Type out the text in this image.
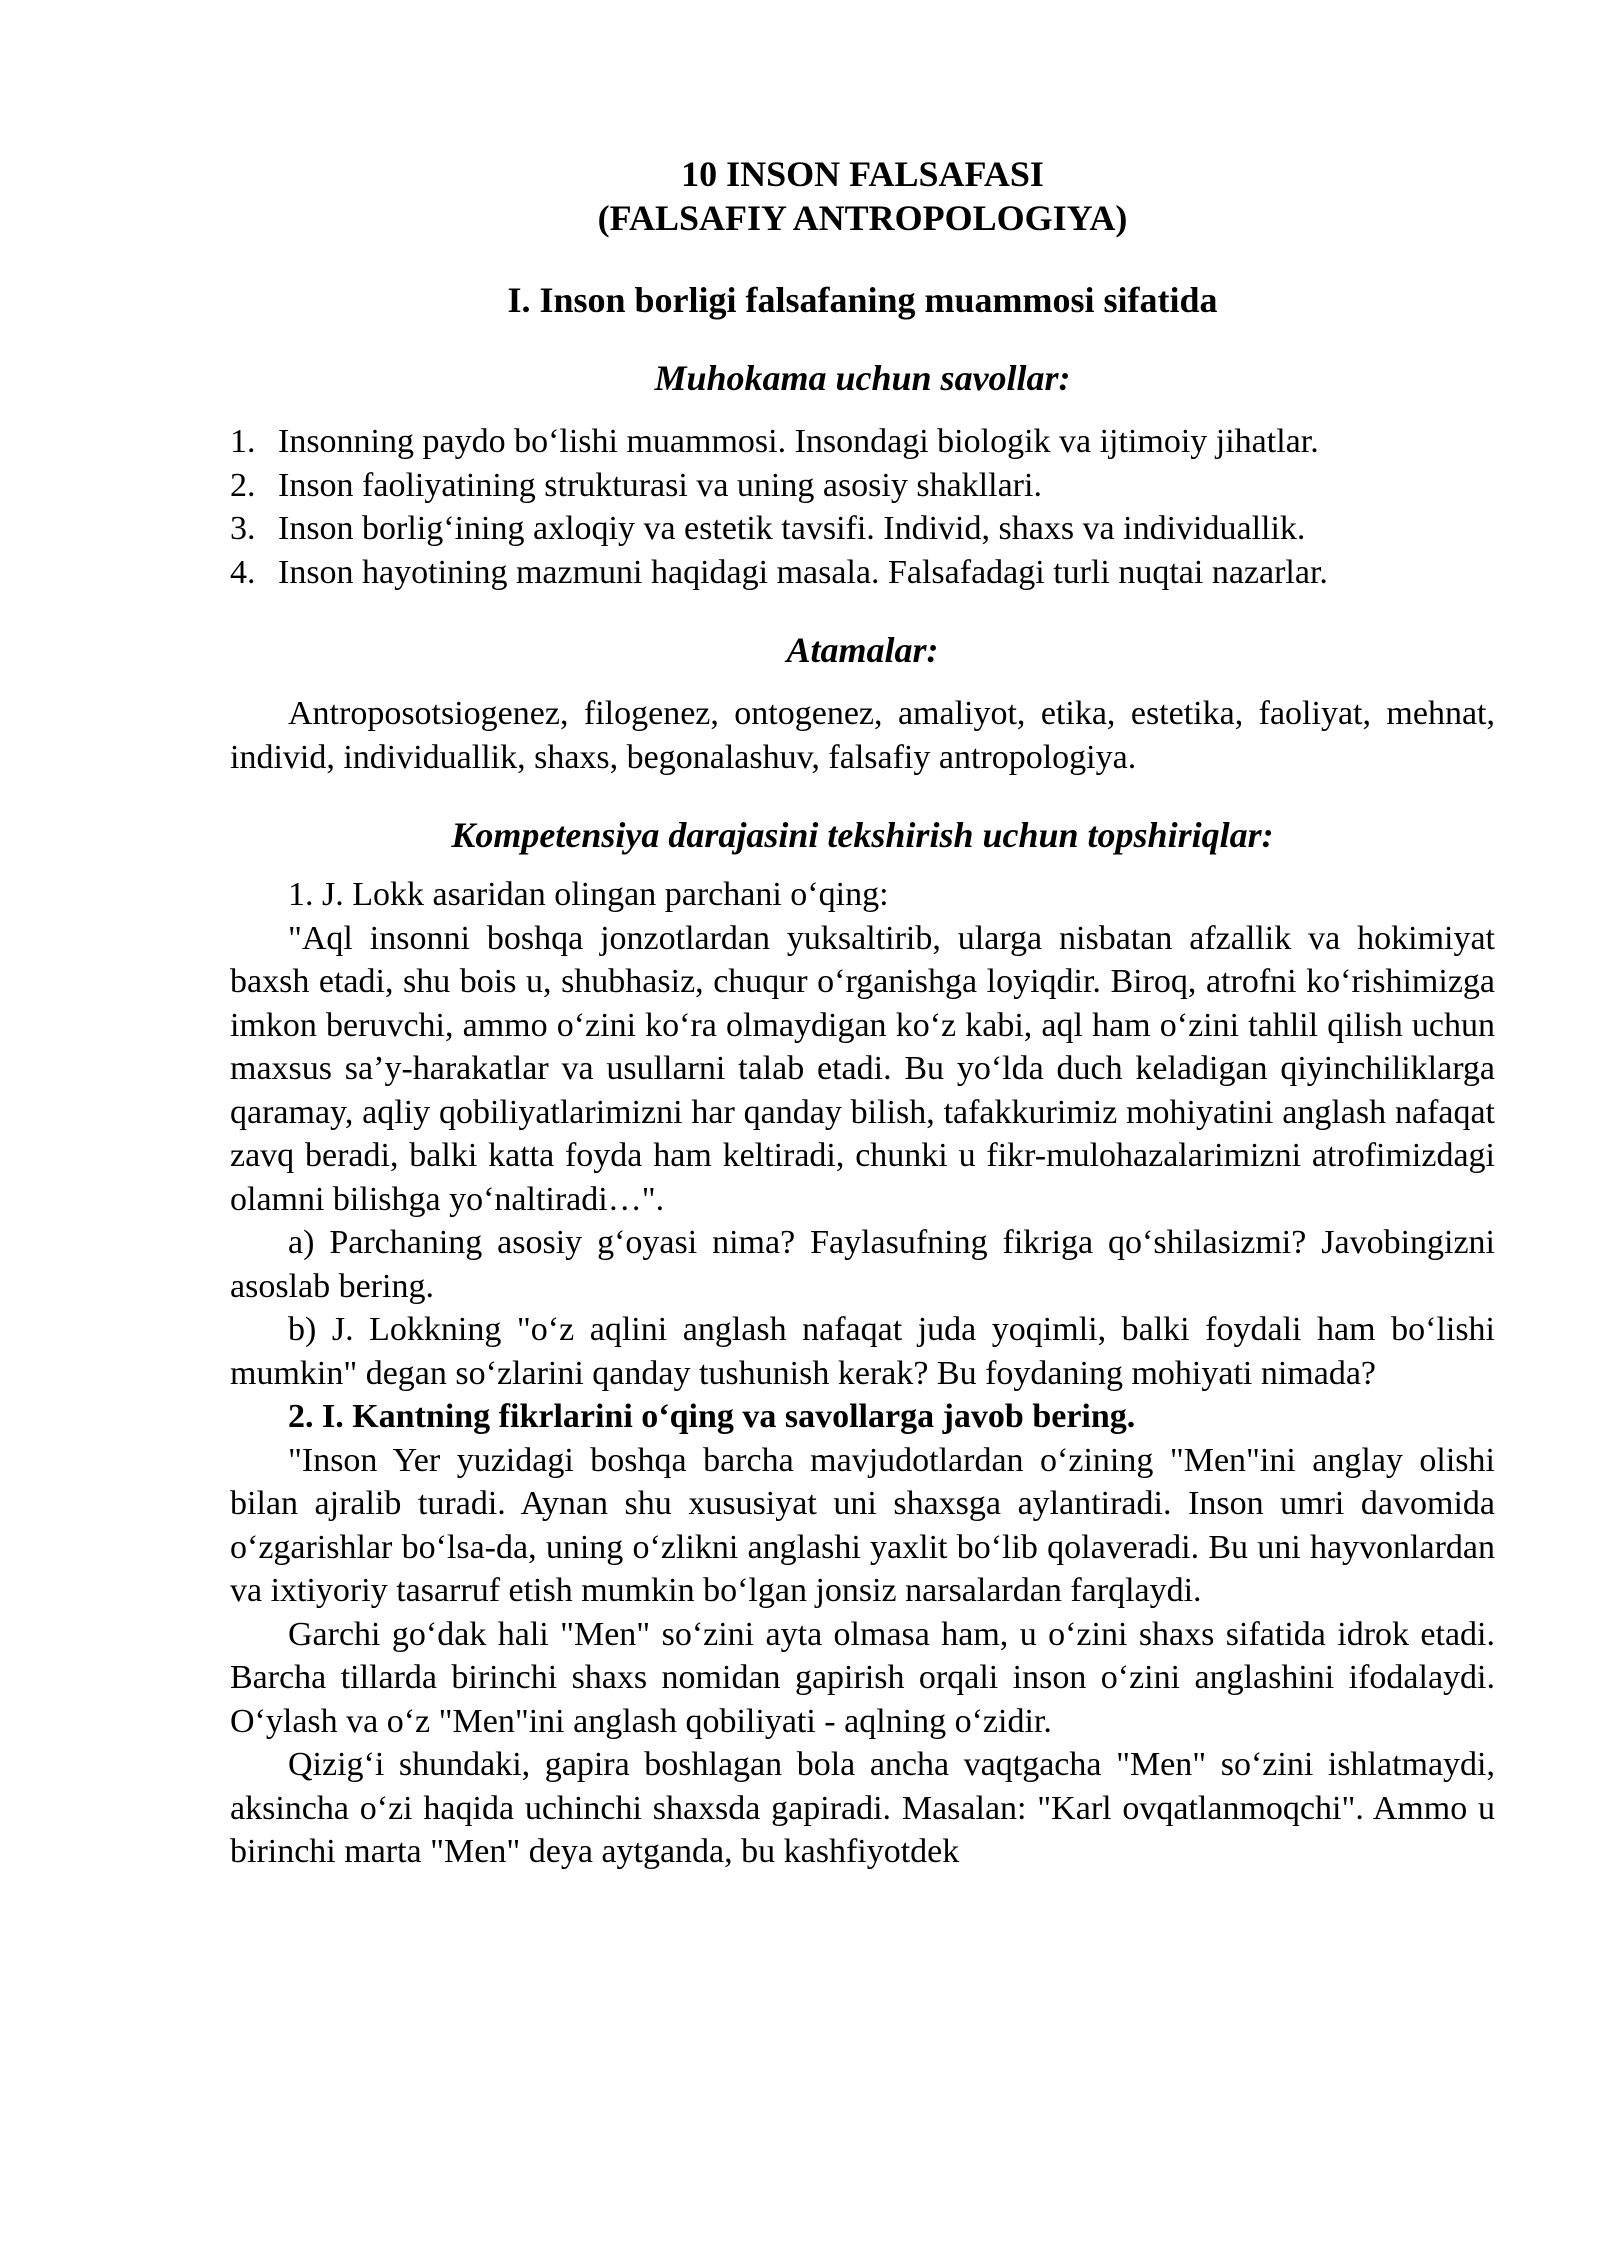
10 INSON FALSAFASI
(FALSAFIY ANTROPOLOGIYA)
I. Inson borligi falsafaning muammosi sifatida
Muhokama uchun savollar:
1. Insonning paydo bo‘lishi muammosi. Insondagi biologik va ijtimoiy jihatlar.
2. Inson faoliyatining strukturasi va uning asosiy shakllari.
3. Inson borlig‘ining axloqiy va estetik tavsifi. Individ, shaxs va individuallik.
4. Inson hayotining mazmuni haqidagi masala. Falsafadagi turli nuqtai nazarlar.
Atamalar:

Antroposotsiogenez, filogenez, ontogenez, amaliyot, etika, estetika, faoliyat, mehnat, individ, individuallik, shaxs, begonalashuv, falsafiy antropologiya.

Kompetensiya darajasini tekshirish uchun topshiriqlar:

1. J. Lokk asaridan olingan parchani o‘qing:

"Aql insonni boshqa jonzotlardan yuksaltirib, ularga nisbatan afzallik va hokimiyat baxsh etadi, shu bois u, shubhasiz, chuqur o‘rganishga loyiqdir. Biroq, atrofni ko‘rishimizga imkon beruvchi, ammo o‘zini ko‘ra olmaydigan ko‘z kabi, aql ham o‘zini tahlil qilish uchun maxsus sa’y-harakatlar va usullarni talab etadi. Bu yo‘lda duch keladigan qiyinchiliklarga qaramay, aqliy qobiliyatlarimizni har qanday bilish, tafakkurimiz mohiyatini anglash nafaqat zavq beradi, balki katta foyda ham keltiradi, chunki u fikr-mulohazalarimizni atrofimizdagi olamni bilishga yo‘naltiradi…".

a) Parchaning asosiy g‘oyasi nima? Faylasufning fikriga qo‘shilasizmi? Javobingizni asoslab bering.

b) J. Lokkning "o‘z aqlini anglash nafaqat juda yoqimli, balki foydali ham bo‘lishi mumkin" degan so‘zlarini qanday tushunish kerak? Bu foydaning mohiyati nimada?

2. I. Kantning fikrlarini o‘qing va savollarga javob bering.

"Inson Yer yuzidagi boshqa barcha mavjudotlardan o‘zining "Men"ini anglay olishi bilan ajralib turadi. Aynan shu xususiyat uni shaxsga aylantiradi. Inson umri davomida o‘zgarishlar bo‘lsa-da, uning o‘zlikni anglashi yaxlit bo‘lib qolaveradi. Bu uni hayvonlardan va ixtiyoriy tasarruf etish mumkin bo‘lgan jonsiz narsalardan farqlaydi.

Garchi go‘dak hali "Men" so‘zini ayta olmasa ham, u o‘zini shaxs sifatida idrok etadi. Barcha tillarda birinchi shaxs nomidan gapirish orqali inson o‘zini anglashini ifodalaydi. O‘ylash va o‘z "Men"ini anglash qobiliyati - aqlning o‘zidir.

Qizig‘i shundaki, gapira boshlagan bola ancha vaqtgacha "Men" so‘zini ishlatmaydi, aksincha o‘zi haqida uchinchi shaxsda gapiradi. Masalan: "Karl ovqatlanmoqchi". Ammo u birinchi marta "Men" deya aytganda, bu kashfiyotdek
